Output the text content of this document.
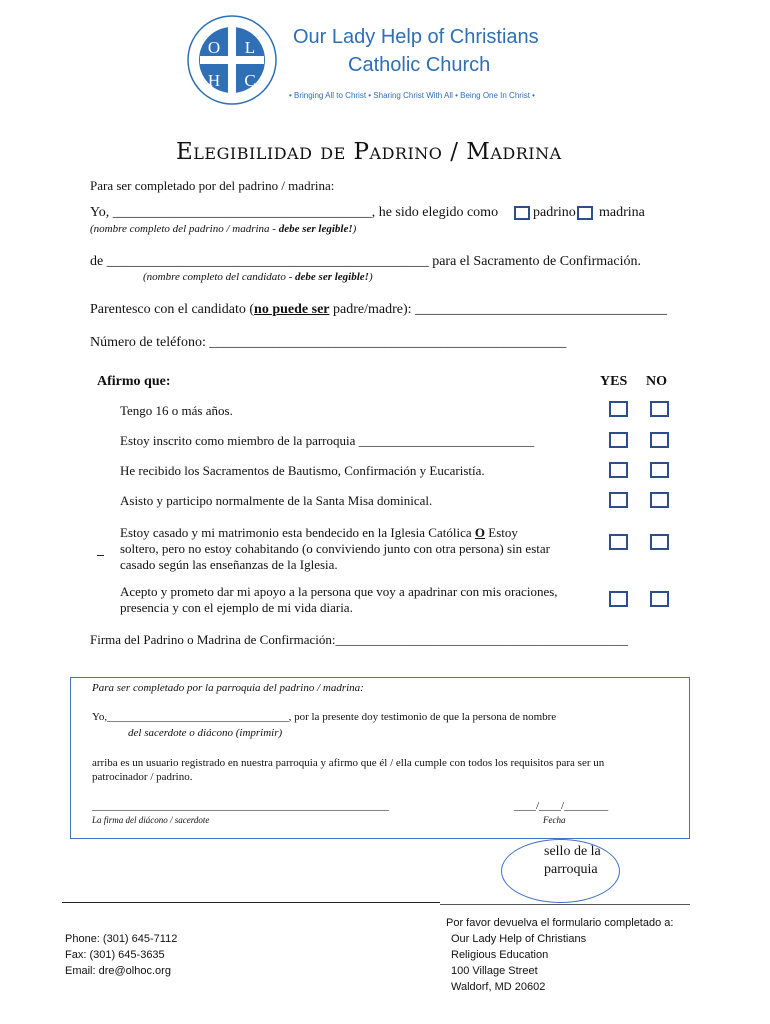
O L
H C
Our Lady Help of Christians
Catholic Church
• Bringing All to Christ • Sharing Christ With All • Being One In Christ •
Elegibilidad de Padrino / Madrina
Para ser completado por del padrino / madrina:
Yo, _____________________________________, he sido elegido como padrino madrina
(nombre completo del padrino / madrina - debe ser legible!)
de ______________________________________________ para el Sacramento de Confirmación.
(nombre completo del candidato - debe ser legible!)
Parentesco con el candidato (no puede ser padre/madre): ____________________________________
Número de teléfono: ___________________________________________________
Afirmo que:	YES NO
Tengo 16 o más años.
Estoy inscrito como miembro de la parroquia ___________________________
He recibido los Sacramentos de Bautismo, Confirmación y Eucaristía.
Asisto y participo normalmente de la Santa Misa dominical.
Estoy casado y mi matrimonio esta bendecido en la Iglesia Católica O Estoy
soltero, pero no estoy cohabitando (o conviviendo junto con otra persona) sin estar
casado según las enseñanzas de la Iglesia.
Acepto y prometo dar mi apoyo a la persona que voy a apadrinar con mis oraciones,
presencia y con el ejemplo de mi vida diaria.
Firma del Padrino o Madrina de Confirmación:_____________________________________________
Para ser completado por la parroquia del padrino / madrina:
Yo,_________________________________, por la presente doy testimonio de que la persona de nombre
del sacerdote o diácono (imprimir)
arriba es un usuario registrado en nuestra parroquia y afirmo que él / ella cumple con todos los requisitos para ser un
patrocinador / padrino.
______________________________________________________	____/____/________
La firma del diácono / sacerdote	Fecha
sello de la
parroquia
Phone: (301) 645-7112
Fax: (301) 645-3635
Email: dre@olhoc.org
Por favor devuelva el formulario completado a:
Our Lady Help of Christians
Religious Education
100 Village Street
Waldorf, MD 20602
